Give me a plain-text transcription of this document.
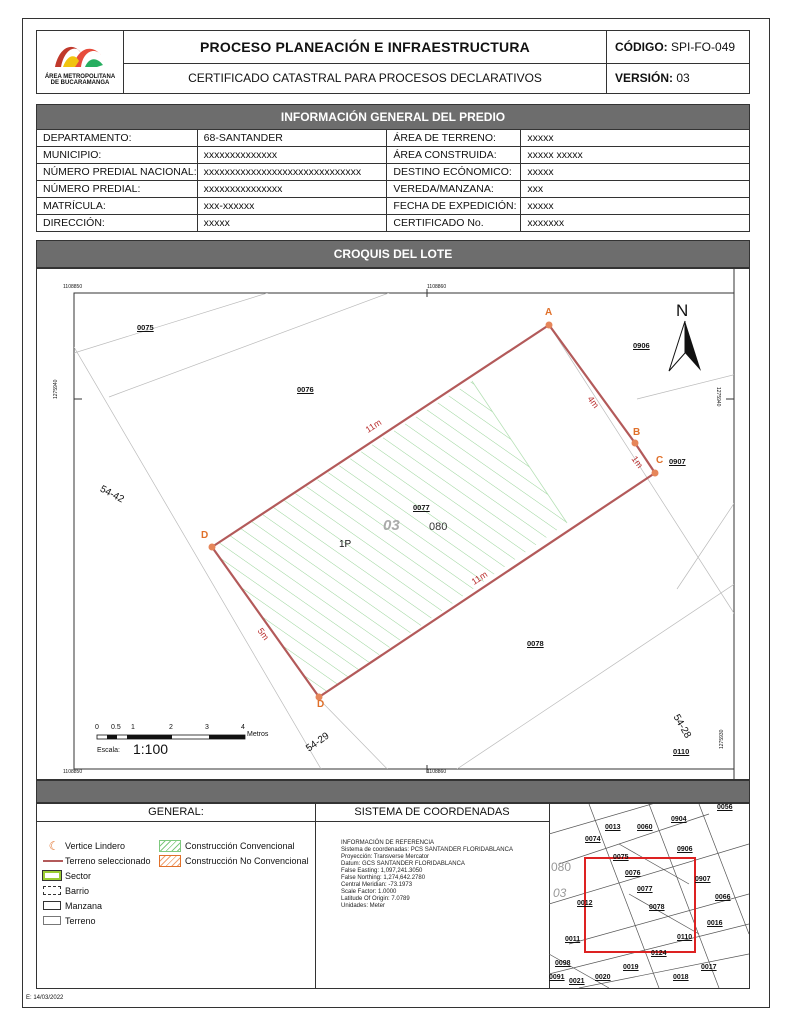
ÁREA METROPOLITANA
DE BUCARAMANGA	PROCESO PLANEACIÓN E INFRAESTRUCTURA	CÓDIGO: SPI-FO-049
	CERTIFICADO CATASTRAL PARA PROCESOS DECLARATIVOS	VERSIÓN: 03
INFORMACIÓN GENERAL DEL PREDIO
DEPARTAMENTO:	68-SANTANDER	ÁREA DE TERRENO:	xxxxx
MUNICIPIO:	xxxxxxxxxxxxxx	ÁREA CONSTRUIDA:	xxxxx xxxxx
NÚMERO PREDIAL NACIONAL:	xxxxxxxxxxxxxxxxxxxxxxxxxxxxxx	DESTINO ECÓNOMICO:	xxxxx
NÚMERO PREDIAL:	xxxxxxxxxxxxxxx	VEREDA/MANZANA:	xxx
MATRÍCULA:	xxx-xxxxxx	FECHA DE EXPEDICIÓN:	xxxxx
DIRECCIÓN:	xxxxx	CERTIFICADO No.	xxxxxxx
CROQUIS DEL LOTE
1108850	1108860
1108850	1108860
1275940	1275940
1275930
N
0075
0076
0906
0907
0077
0078
0110
54-42
54-29
54-28
03	080
1P
A
B
C
D
D
11m
4m
1m
11m
5m
0 0.5 1	2	3	4
Metros
Escala: 1:100
GENERAL:
☾ Vertice Lindero
Terreno seleccionado
Sector
Barrio
Manzana
Terreno
Construcción Convencional
Construcción No Convencional
SISTEMA DE COORDENADAS
INFORMACIÓN DE REFERENCIA
Sistema de coordenadas: PCS SANTANDER FLORIDABLANCA
Proyección: Transverse Mercator
Datum: GCS SANTANDER FLORIDABLANCA
False Easting: 1,097,241.3050
False Northing: 1,274,642.2780
Central Meridian: -73.1973
Scale Factor: 1.0000
Latitude Of Origin: 7.0789
Unidades: Meter
0056
0904
0074
0013 0060
0906
0075
080	0076
0907
03	0077
0066
0012
0078
0016
0011	0110
0124
0098
0091
0021
0020
0019
0018
0017
E: 14/03/2022
